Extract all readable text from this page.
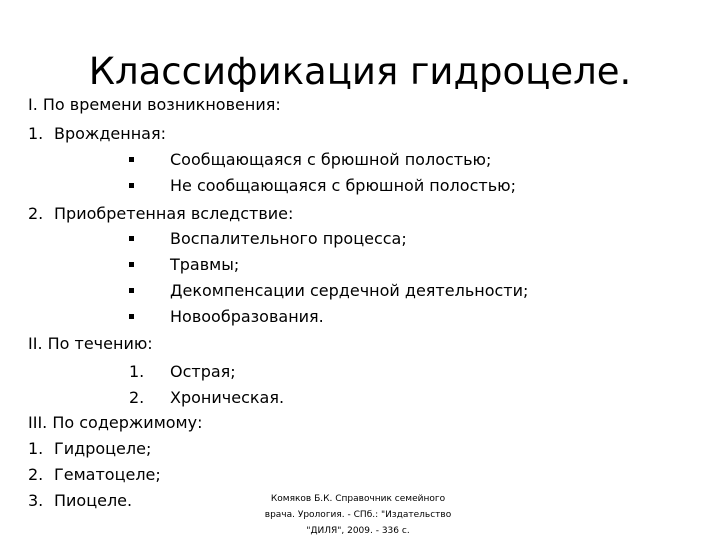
Классификация гидроцеле.
I. По времени возникновения:
1. Врожденная:
Сообщающаяся с брюшной полостью;
Не сообщающаяся с брюшной полостью;
2. Приобретенная вследствие:
Воспалительного процесса;
Травмы;
Декомпенсации сердечной деятельности;
Новообразования.
II. По течению:
1. Острая;
2. Хроническая.
III. По содержимому:
1. Гидроцеле;
2. Гематоцеле;
3. Пиоцеле.	Комяков Б.К. Справочник семейного
врача. Урология. - СПб.: "Издательство
"ДИЛЯ", 2009. - 336 с.
